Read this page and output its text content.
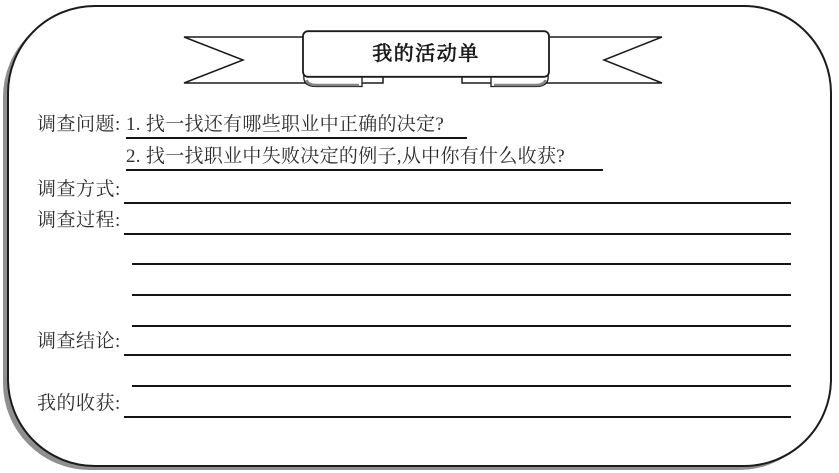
我的活动单
调查问题: 1. 找一找还有哪些职业中正确的决定?
2. 找一找职业中失败决定的例子,从中你有什么收获?
调查方式:
调查过程:
调查结论:
我的收获:
